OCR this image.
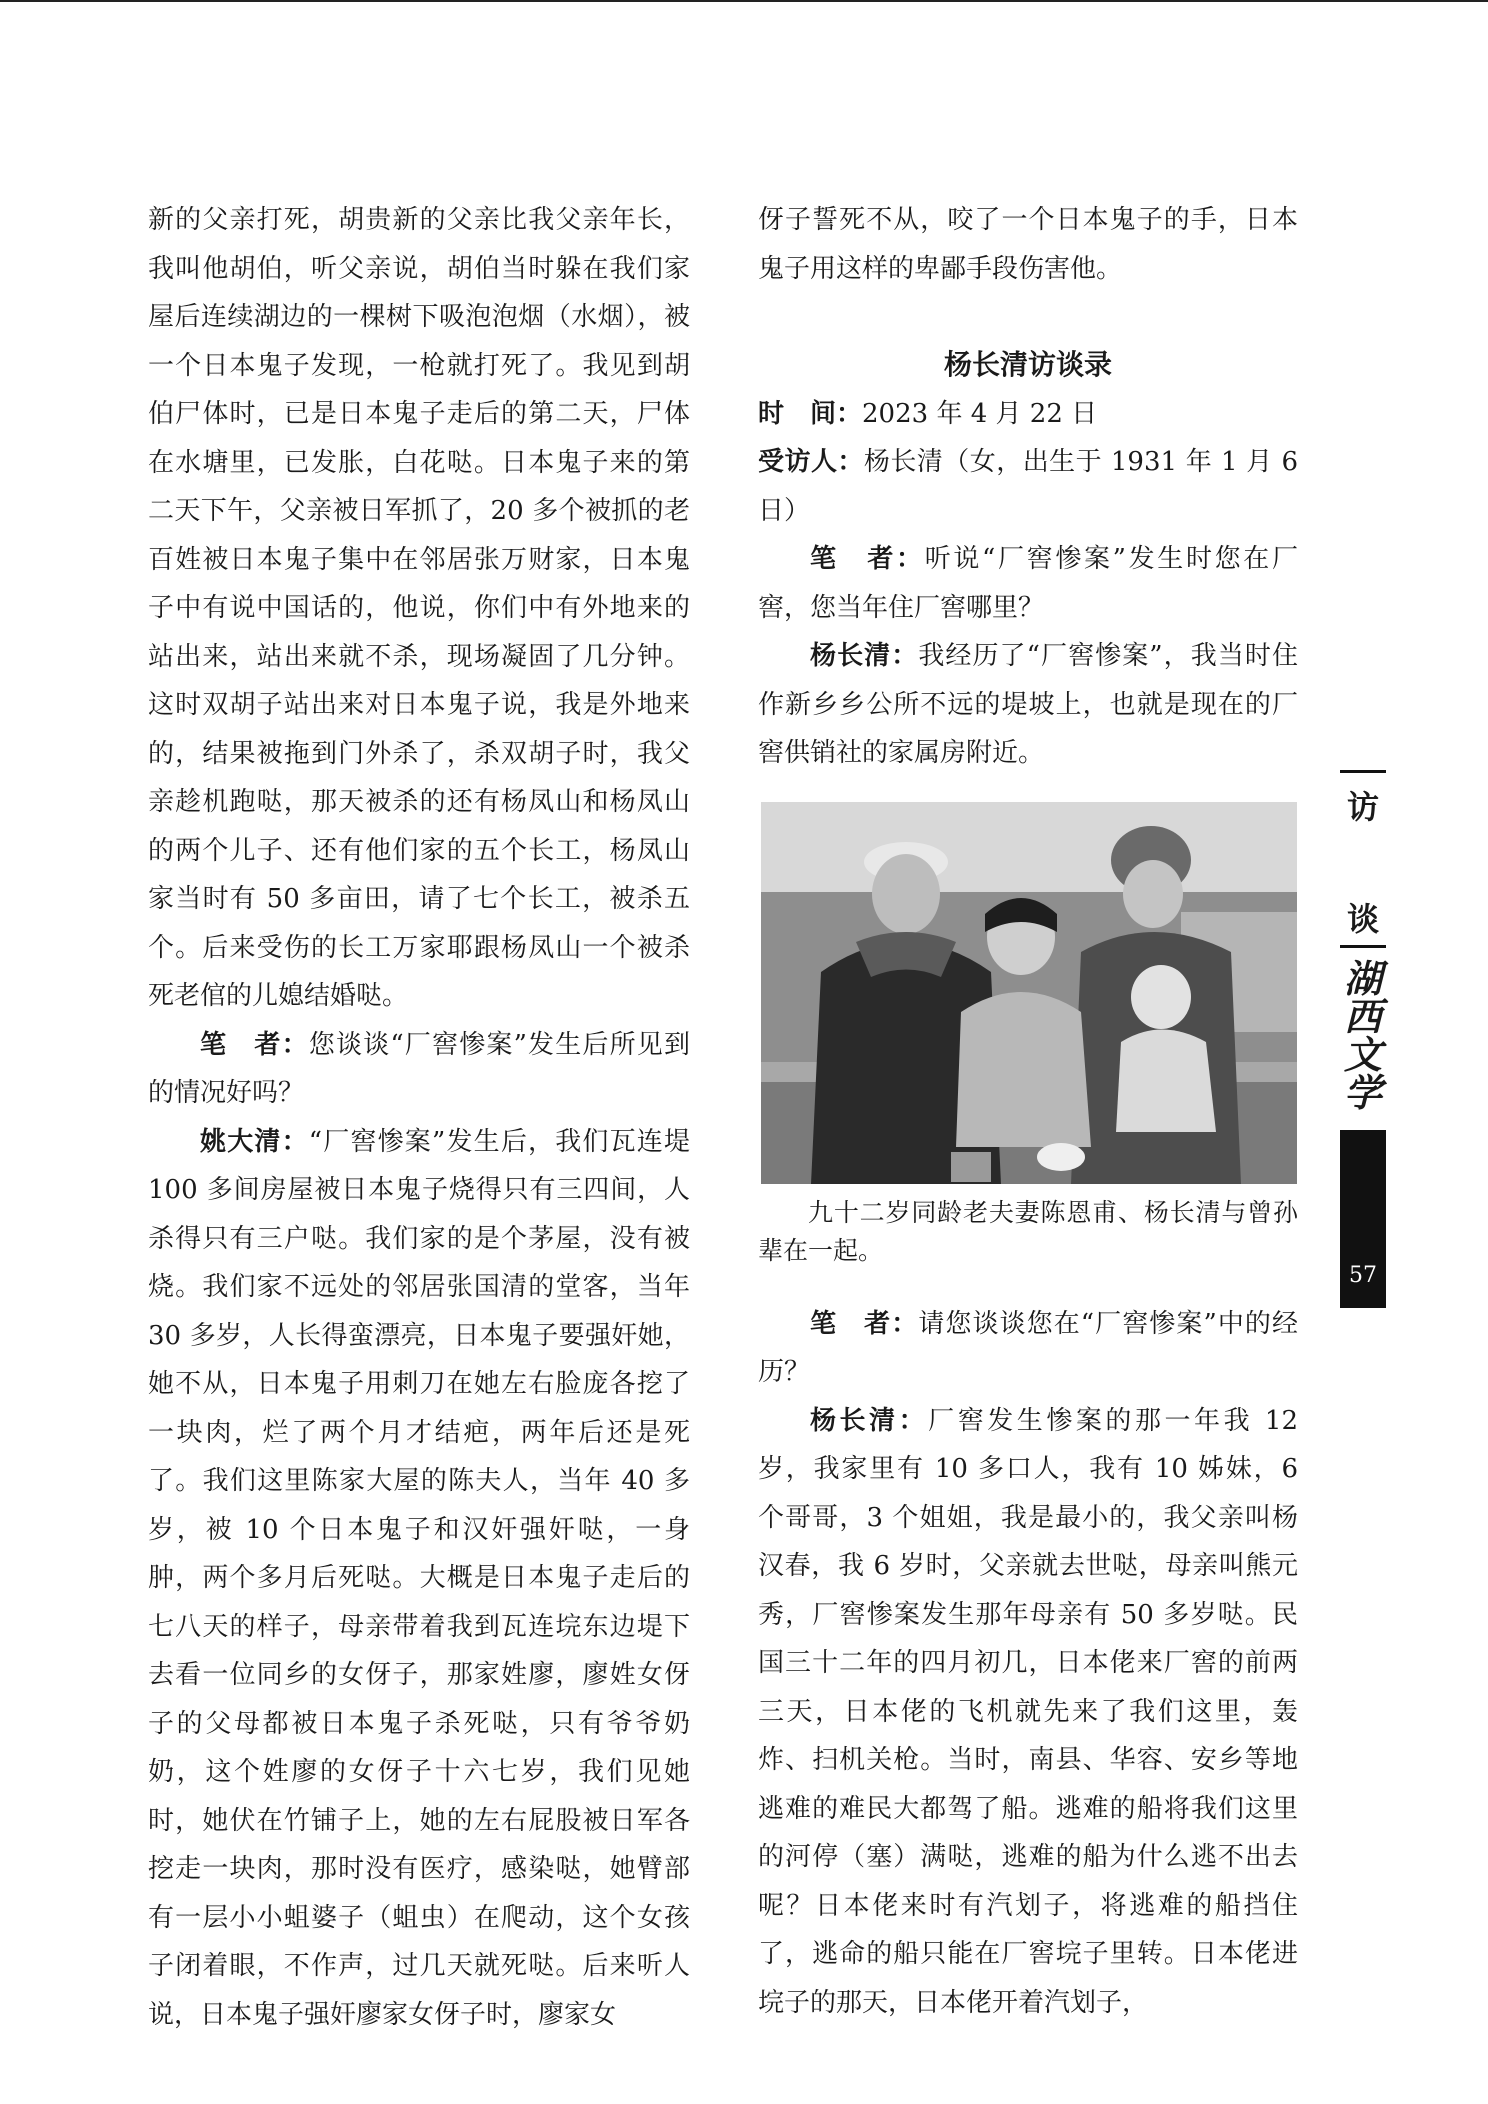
新的父亲打死，胡贵新的父亲比我父亲年长，我叫他胡伯，听父亲说，胡伯当时躲在我们家屋后连续湖边的一棵树下吸泡泡烟（水烟），被一个日本鬼子发现，一枪就打死了。我见到胡伯尸体时，已是日本鬼子走后的第二天，尸体在水塘里，已发胀，白花哒。日本鬼子来的第二天下午，父亲被日军抓了，20 多个被抓的老百姓被日本鬼子集中在邻居张万财家，日本鬼子中有说中国话的，他说，你们中有外地来的站出来，站出来就不杀，现场凝固了几分钟。这时双胡子站出来对日本鬼子说，我是外地来的，结果被拖到门外杀了，杀双胡子时，我父亲趁机跑哒，那天被杀的还有杨凤山和杨凤山的两个儿子、还有他们家的五个长工，杨凤山家当时有 50 多亩田，请了七个长工，被杀五个。后来受伤的长工万家耶跟杨凤山一个被杀死老倌的儿媳结婚哒。

笔　者：您谈谈“厂窖惨案”发生后所见到的情况好吗？

姚大清：“厂窖惨案”发生后，我们瓦连堤 100 多间房屋被日本鬼子烧得只有三四间，人杀得只有三户哒。我们家的是个茅屋，没有被烧。我们家不远处的邻居张国清的堂客，当年 30 多岁，人长得蛮漂亮，日本鬼子要强奸她，她不从，日本鬼子用刺刀在她左右脸庞各挖了一块肉，烂了两个月才结疤，两年后还是死了。我们这里陈家大屋的陈夫人，当年 40 多岁，被 10 个日本鬼子和汉奸强奸哒，一身肿，两个多月后死哒。大概是日本鬼子走后的七八天的样子，母亲带着我到瓦连垸东边堤下去看一位同乡的女伢子，那家姓廖，廖姓女伢子的父母都被日本鬼子杀死哒，只有爷爷奶奶，这个姓廖的女伢子十六七岁，我们见她时，她伏在竹铺子上，她的左右屁股被日军各挖走一块肉，那时没有医疗，感染哒，她臂部有一层小小蛆婆子（蛆虫）在爬动，这个女孩子闭着眼，不作声，过几天就死哒。后来听人说，日本鬼子强奸廖家女伢子时，廖家女

伢子誓死不从，咬了一个日本鬼子的手，日本鬼子用这样的卑鄙手段伤害他。

杨长清访谈录

时　间：2023 年 4 月 22 日

受访人：杨长清（女，出生于 1931 年 1 月 6 日）

笔　者：听说“厂窖惨案”发生时您在厂窖，您当年住厂窖哪里？

杨长清：我经历了“厂窖惨案”，我当时住作新乡乡公所不远的堤坡上，也就是现在的厂窖供销社的家属房附近。

九十二岁同龄老夫妻陈恩甫、杨长清与曾孙辈在一起。

笔　者：请您谈谈您在“厂窖惨案”中的经历？

杨长清：厂窖发生惨案的那一年我 12 岁，我家里有 10 多口人，我有 10 姊妹，6 个哥哥，3 个姐姐，我是最小的，我父亲叫杨汉春，我 6 岁时，父亲就去世哒，母亲叫熊元秀，厂窖惨案发生那年母亲有 50 多岁哒。民国三十二年的四月初几，日本佬来厂窖的前两三天，日本佬的飞机就先来了我们这里，轰炸、扫机关枪。当时，南县、华容、安乡等地逃难的难民大都驾了船。逃难的船将我们这里的河停（塞）满哒，逃难的船为什么逃不出去呢？日本佬来时有汽划子，将逃难的船挡住了，逃命的船只能在厂窖垸子里转。日本佬进垸子的那天，日本佬开着汽划子，

访
谈
湖
西
文
学
57
